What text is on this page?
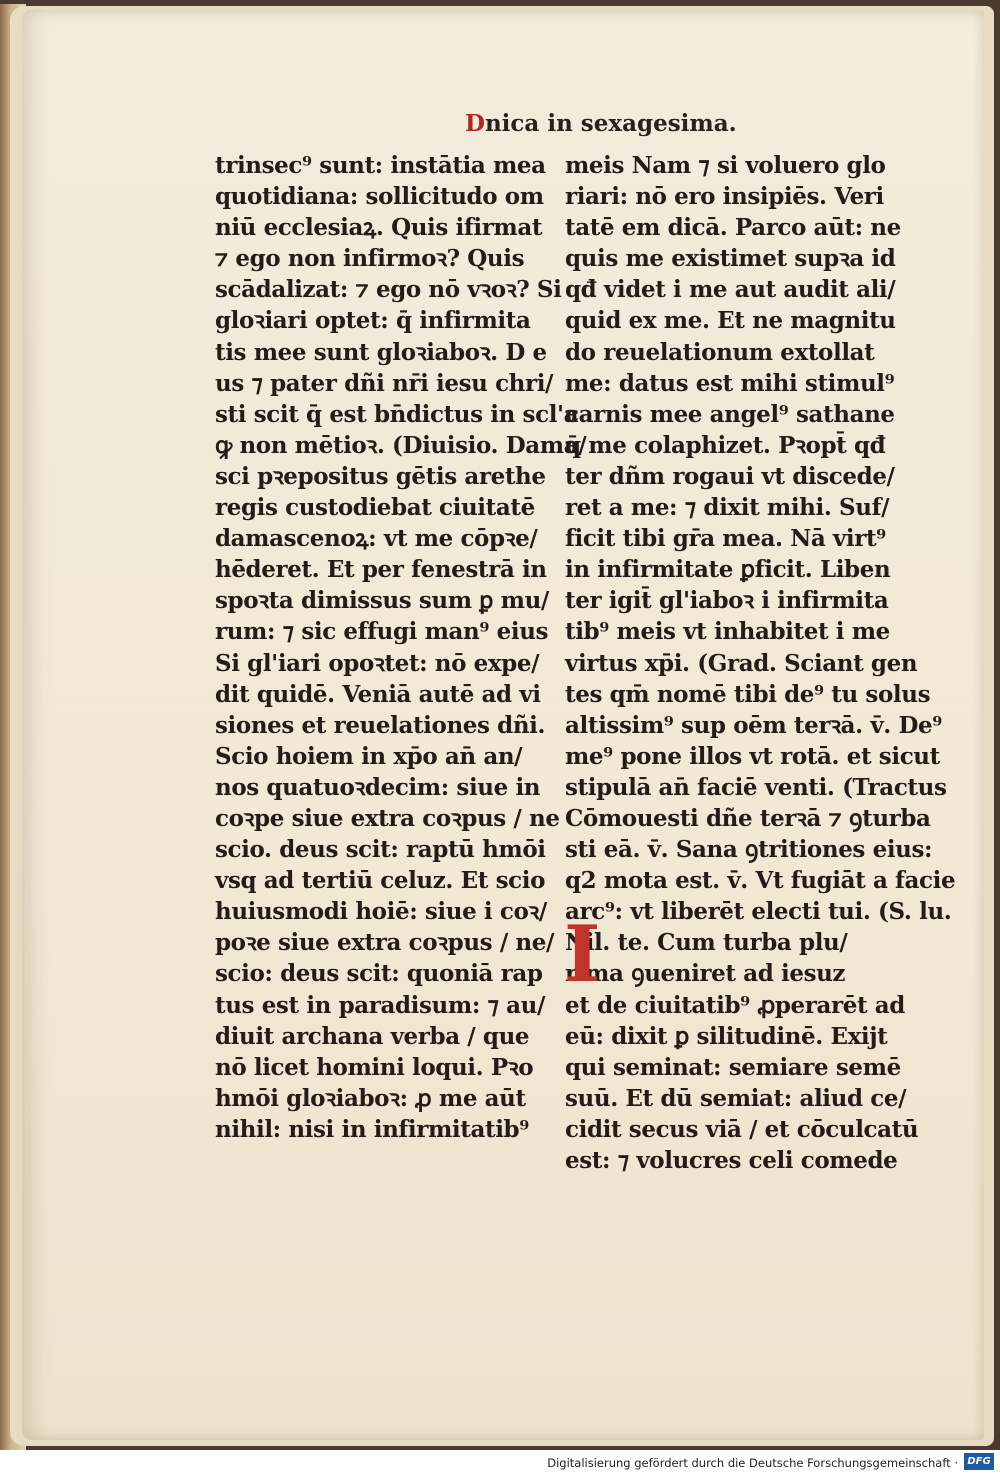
Dnica in sexagesima.
trinsec⁹ sunt: instātia mea
quotidiana: sollicitudo om
niū ecclesiaꝝ. Quis ifirmat
⁊ ego non infirmoꝛ? Quis
scādalizat: ⁊ ego nō vꝛoꝛ? Si
gloꝛiari optet: q̄ infirmita
tis mee sunt gloꝛiaboꝛ. D e
us ⁊ pater dñi nr̄i iesu chri/
sti scit q̄ est bn̄dictus in scl'a
ꝙ non mētioꝛ. (Diuisio. Dama/
sci pꝛepositus gētis arethe
regis custodiebat ciuitatē
damascenoꝝ: vt me cōpꝛe/
hēderet. Et per fenestrā in
spoꝛta dimissus sum ꝑ mu/
rum: ⁊ sic effugi man⁹ eius
Si gl'iari opoꝛtet: nō expe/
dit quidē. Veniā autē ad vi
siones et reuelationes dñi.
Scio hoiem in xp̄o an̄ an/
nos quatuoꝛdecim: siue in
coꝛpe siue extra coꝛpus / ne
scio. deus scit: raptū hmōi
vsq ad tertiū celuz. Et scio
huiusmodi hoiē: siue i coꝛ/
poꝛe siue extra coꝛpus / ne/
scio: deus scit: quoniā rap
tus est in paradisum: ⁊ au/
diuit archana verba / que
nō licet homini loqui. Pꝛo
hmōi gloꝛiaboꝛ: ꝓ me aūt
nihil: nisi in infirmitatib⁹
meis Nam ⁊ si voluero glo
riari: nō ero insipiēs. Veri
tatē em dicā. Parco aūt: ne
quis me existimet supꝛa id
qđ videt i me aut audit ali/
quid ex me. Et ne magnitu
do reuelationum extollat
me: datus est mihi stimul⁹
carnis mee angel⁹ sathane
q̄ me colaphizet. Pꝛopt̄ qđ
ter dñm rogaui vt discede/
ret a me: ⁊ dixit mihi. Suf/
ficit tibi gr̄a mea. Nā virt⁹
in infirmitate ꝑficit. Liben
ter igit̄ gl'iaboꝛ i infirmita
tib⁹ meis vt inhabitet i me
virtus xp̄i. (Grad. Sciant gen
tes qm̄ nomē tibi de⁹ tu solus
altissim⁹ sup oēm terꝛā. v̄. De⁹
me⁹ pone illos vt rotā. et sicut
stipulā an̄ faciē venti. (Tractus
Cōmouesti dñe terꝛā ⁊ ꝯturba
sti eā. v̄. Sana ꝯtritiones eius:
q2 mota est. v̄. Vt fugiāt a facie
arc⁹: vt liberēt electi tui. (S. lu.
Nil. te. Cum turba plu/
rima ꝯueniret ad iesuz
et de ciuitatib⁹ ꝓperarēt ad
eū: dixit ꝑ silitudinē. Exijt
qui seminat: semiare semē
suū. Et dū semiat: aliud ce/
cidit secus viā / et cōculcatū
est: ⁊ volucres celi comede
I
Digitalisierung gefördert durch die Deutsche Forschungsgemeinschaft · DFG
